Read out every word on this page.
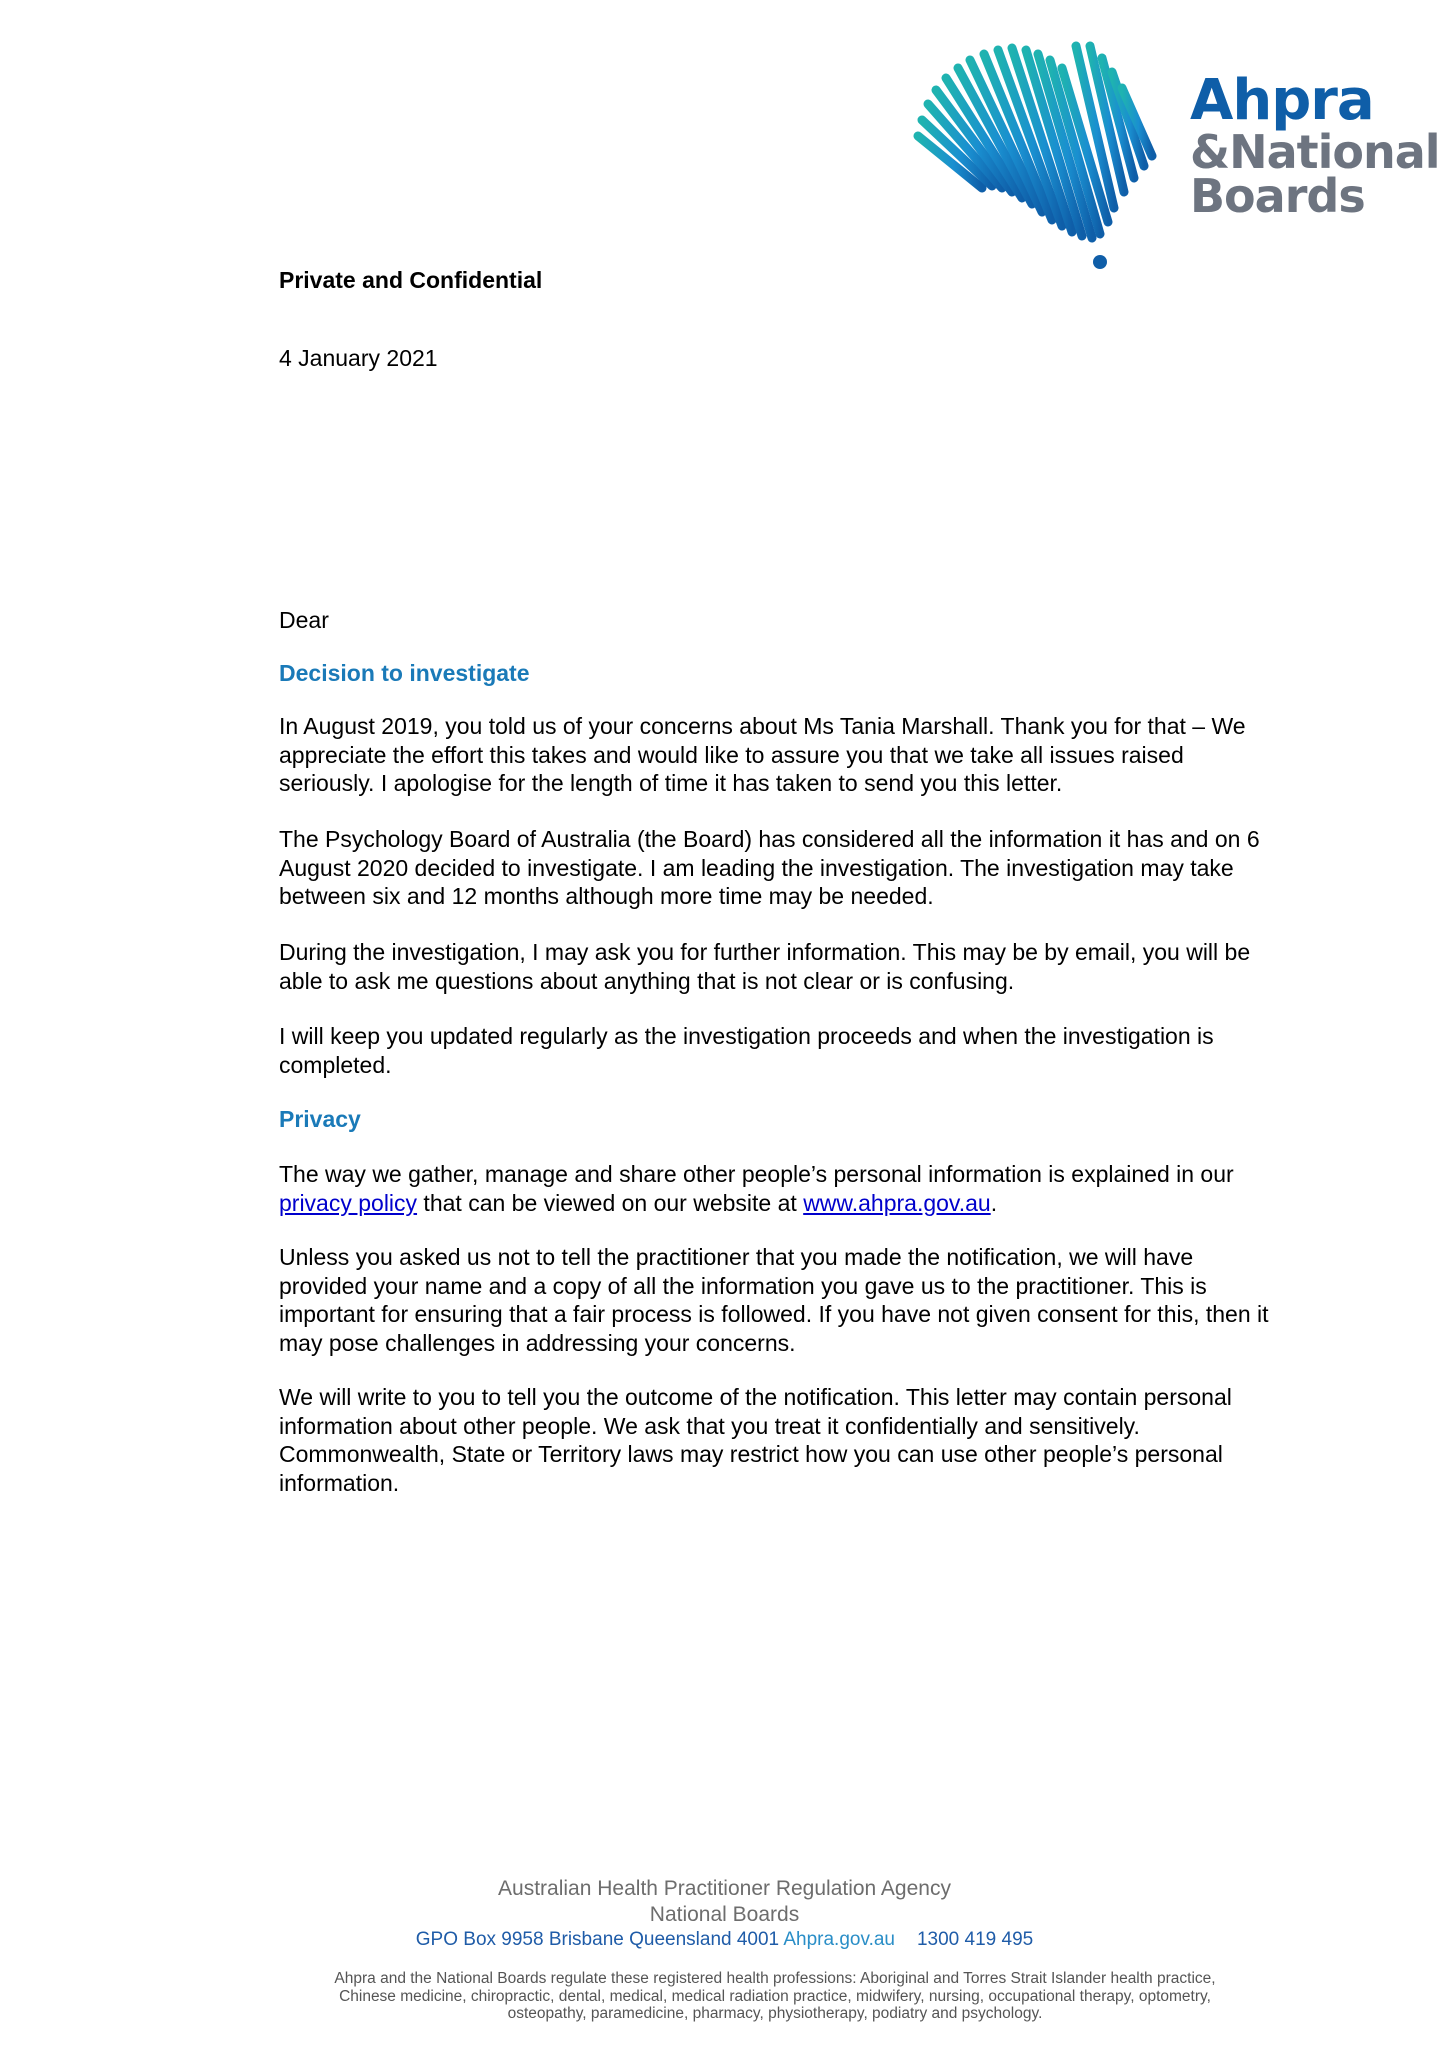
Ahpra
&National
Boards

Private and Confidential

4 January 2021

Dear

Decision to investigate

In August 2019, you told us of your concerns about Ms Tania Marshall. Thank you for that – We appreciate the effort this takes and would like to assure you that we take all issues raised seriously. I apologise for the length of time it has taken to send you this letter.

The Psychology Board of Australia (the Board) has considered all the information it has and on 6 August 2020 decided to investigate. I am leading the investigation. The investigation may take between six and 12 months although more time may be needed.

During the investigation, I may ask you for further information. This may be by email, you will be able to ask me questions about anything that is not clear or is confusing.

I will keep you updated regularly as the investigation proceeds and when the investigation is completed.

Privacy

The way we gather, manage and share other people’s personal information is explained in our privacy policy that can be viewed on our website at www.ahpra.gov.au.

Unless you asked us not to tell the practitioner that you made the notification, we will have provided your name and a copy of all the information you gave us to the practitioner. This is important for ensuring that a fair process is followed. If you have not given consent for this, then it may pose challenges in addressing your concerns.

We will write to you to tell you the outcome of the notification. This letter may contain personal information about other people. We ask that you treat it confidentially and sensitively. Commonwealth, State or Territory laws may restrict how you can use other people’s personal information.

Australian Health Practitioner Regulation Agency
National Boards
GPO Box 9958 Brisbane Queensland 4001 Ahpra.gov.au 1300 419 495
Ahpra and the National Boards regulate these registered health professions: Aboriginal and Torres Strait Islander health practice, Chinese medicine, chiropractic, dental, medical, medical radiation practice, midwifery, nursing, occupational therapy, optometry, osteopathy, paramedicine, pharmacy, physiotherapy, podiatry and psychology.
